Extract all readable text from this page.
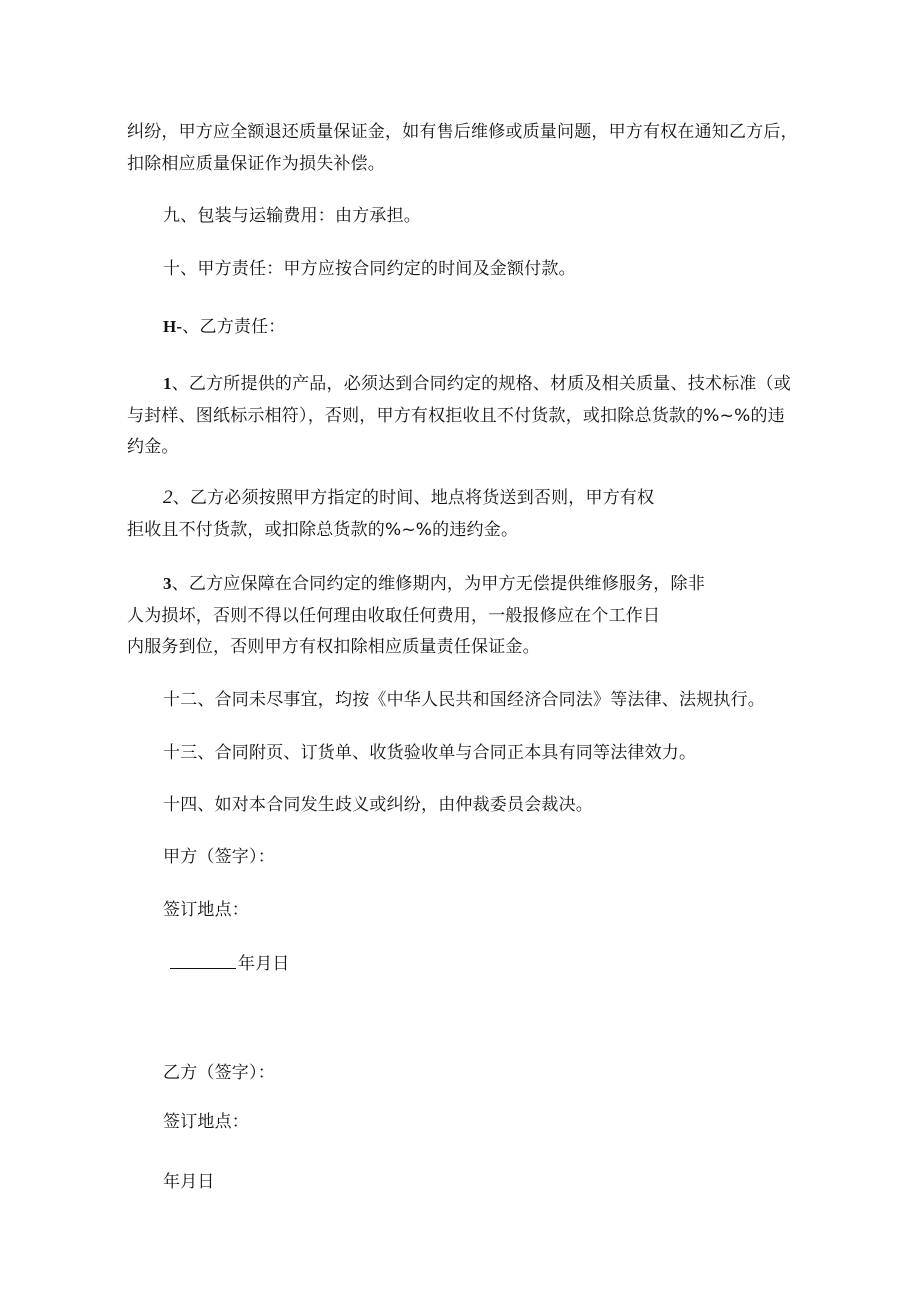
纠纷，甲方应全额退还质量保证金，如有售后维修或质量问题，甲方有权在通知乙方后，
扣除相应质量保证作为损失补偿。
九、包装与运输费用：由方承担。
十、甲方责任：甲方应按合同约定的时间及金额付款。
H-、乙方责任：
1、乙方所提供的产品，必须达到合同约定的规格、材质及相关质量、技术标准（或
与封样、图纸标示相符），否则，甲方有权拒收且不付货款，或扣除总货款的%~%的违
约金。
2、乙方必须按照甲方指定的时间、地点将货送到否则，甲方有权
拒收且不付货款，或扣除总货款的%~%的违约金。
3、乙方应保障在合同约定的维修期内，为甲方无偿提供维修服务，除非
人为损坏，否则不得以任何理由收取任何费用，一般报修应在个工作日
内服务到位，否则甲方有权扣除相应质量责任保证金。
十二、合同未尽事宜，均按《中华人民共和国经济合同法》等法律、法规执行。
十三、合同附页、订货单、收货验收单与合同正本具有同等法律效力。
十四、如对本合同发生歧义或纠纷，由仲裁委员会裁决。
甲方（签字）：
签订地点：
年月日
乙方（签字）：
签订地点：
年月日
